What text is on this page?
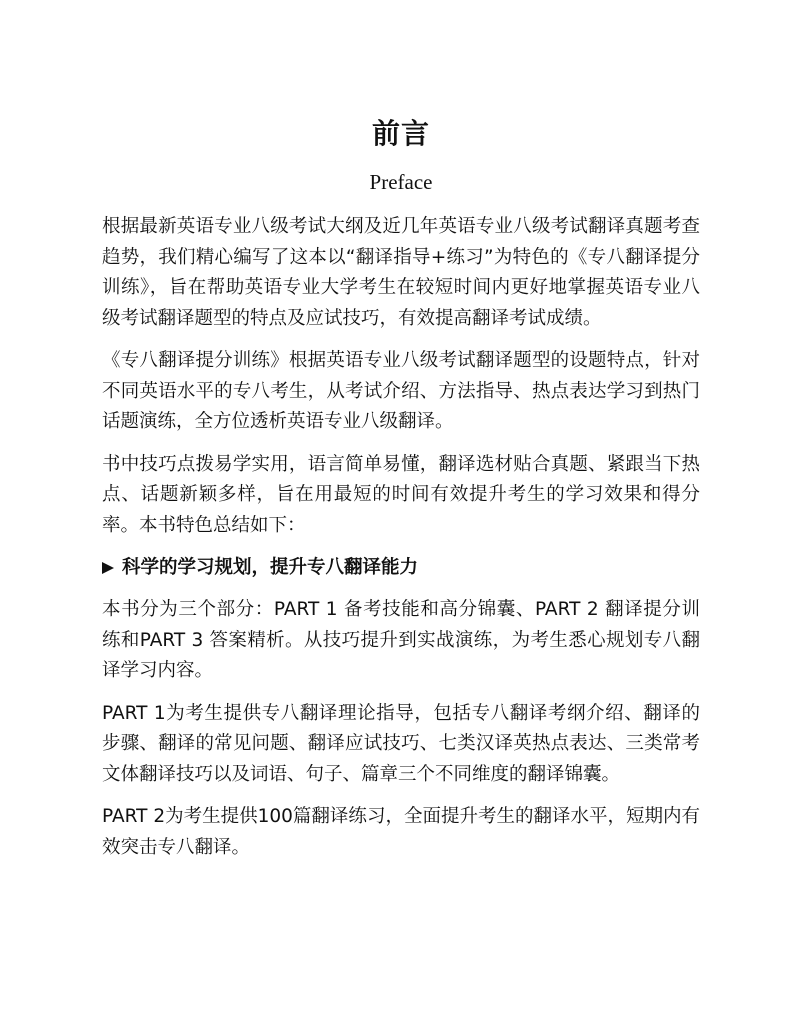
前言
Preface

根据最新英语专业八级考试大纲及近几年英语专业八级考试翻译真题考查趋势，我们精心编写了这本以“翻译指导+练习”为特色的《专八翻译提分训练》，旨在帮助英语专业大学考生在较短时间内更好地掌握英语专业八级考试翻译题型的特点及应试技巧，有效提高翻译考试成绩。

《专八翻译提分训练》根据英语专业八级考试翻译题型的设题特点，针对不同英语水平的专八考生，从考试介绍、方法指导、热点表达学习到热门话题演练，全方位透析英语专业八级翻译。

书中技巧点拨易学实用，语言简单易懂，翻译选材贴合真题、紧跟当下热点、话题新颖多样，旨在用最短的时间有效提升考生的学习效果和得分率。本书特色总结如下：

科学的学习规划，提升专八翻译能力

本书分为三个部分：PART 1 备考技能和高分锦囊、PART 2 翻译提分训练和PART 3 答案精析。从技巧提升到实战演练，为考生悉心规划专八翻译学习内容。

PART 1为考生提供专八翻译理论指导，包括专八翻译考纲介绍、翻译的步骤、翻译的常见问题、翻译应试技巧、七类汉译英热点表达、三类常考文体翻译技巧以及词语、句子、篇章三个不同维度的翻译锦囊。

PART 2为考生提供100篇翻译练习，全面提升考生的翻译水平，短期内有效突击专八翻译。
